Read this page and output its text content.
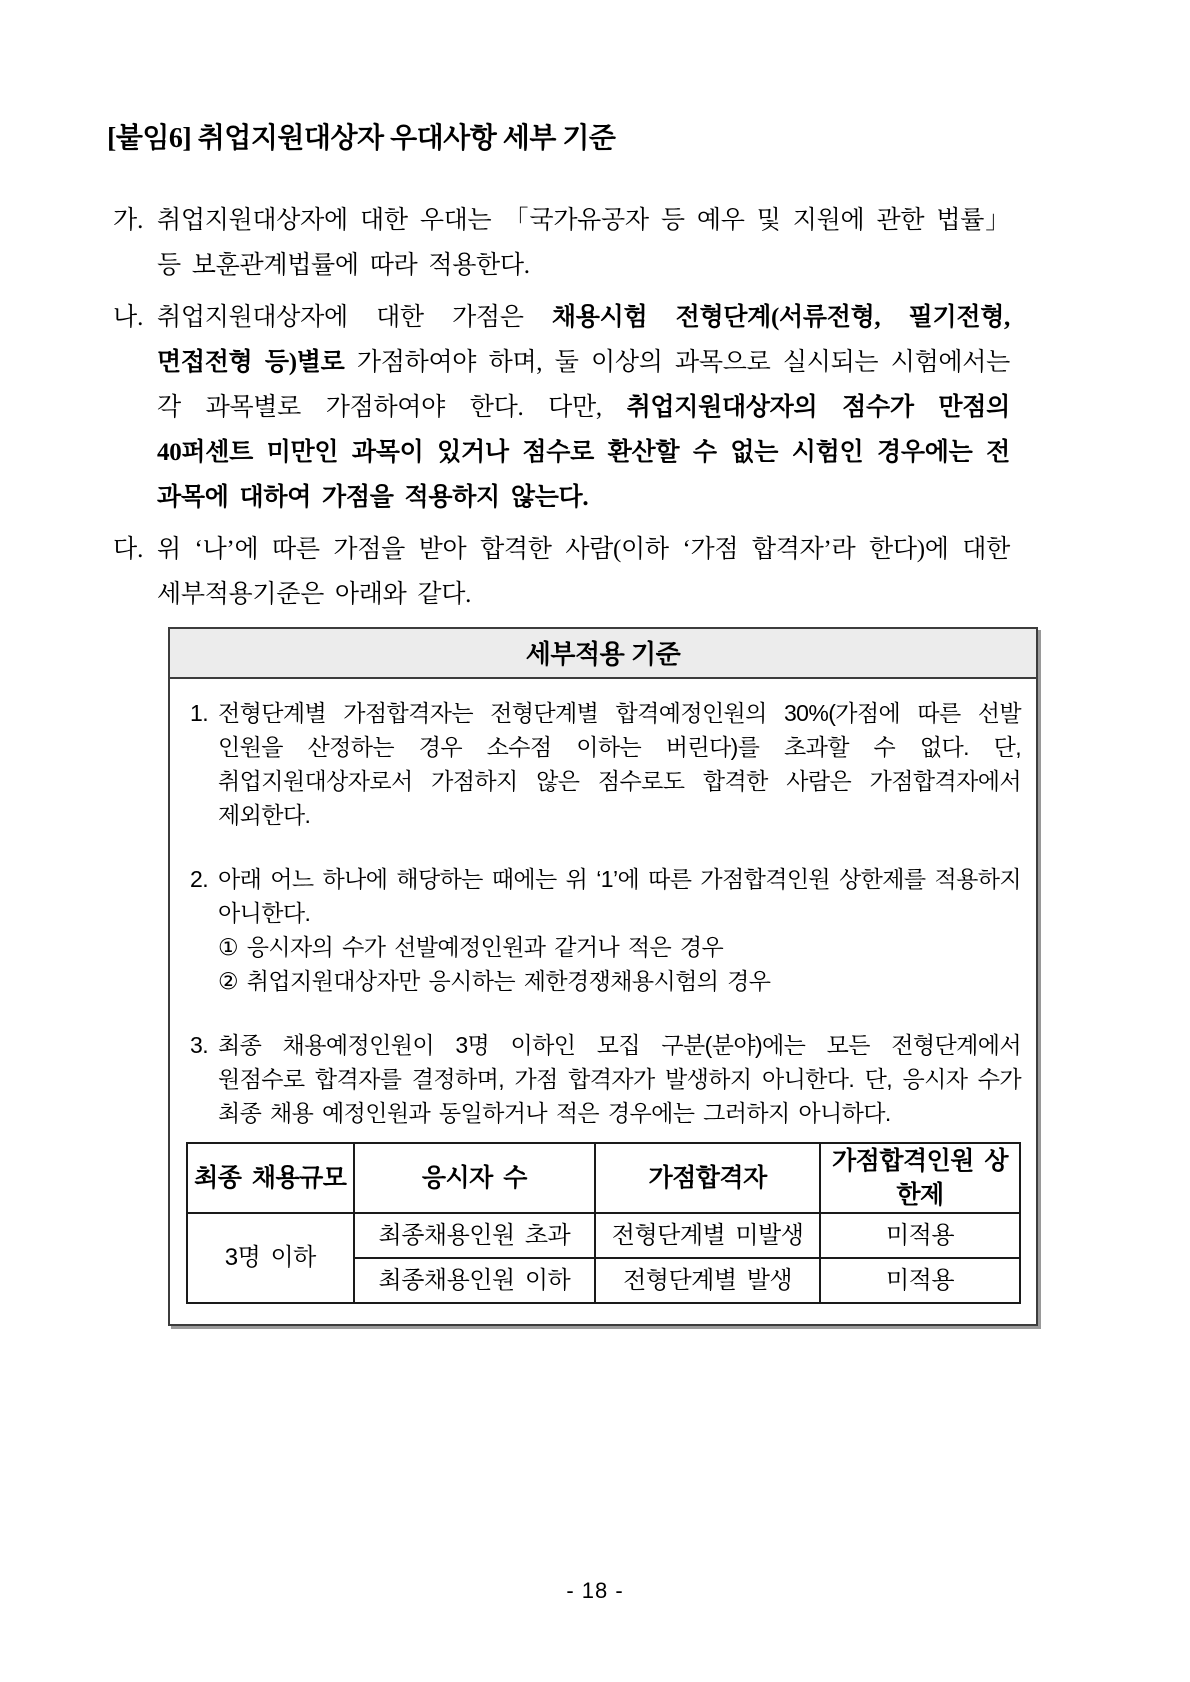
[붙임6] 취업지원대상자 우대사항 세부 기준
가. 취업지원대상자에 대한 우대는 「국가유공자 등 예우 및 지원에 관한 법률」 등 보훈관계법률에 따라 적용한다.
나. 취업지원대상자에 대한 가점은 채용시험 전형단계(서류전형, 필기전형, 면접전형 등)별로 가점하여야 하며, 둘 이상의 과목으로 실시되는 시험에서는 각 과목별로 가점하여야 한다. 다만, 취업지원대상자의 점수가 만점의 40퍼센트 미만인 과목이 있거나 점수로 환산할 수 없는 시험인 경우에는 전 과목에 대하여 가점을 적용하지 않는다.
다. 위 ‘나’에 따른 가점을 받아 합격한 사람(이하 ‘가점 합격자’라 한다)에 대한 세부적용기준은 아래와 같다.
세부적용 기준
1. 전형단계별 가점합격자는 전형단계별 합격예정인원의 30%(가점에 따른 선발 인원을 산정하는 경우 소수점 이하는 버린다)를 초과할 수 없다. 단, 취업지원대상자로서 가점하지 않은 점수로도 합격한 사람은 가점합격자에서 제외한다.
2. 아래 어느 하나에 해당하는 때에는 위 ‘1’에 따른 가점합격인원 상한제를 적용하지 아니한다.
① 응시자의 수가 선발예정인원과 같거나 적은 경우
② 취업지원대상자만 응시하는 제한경쟁채용시험의 경우
3. 최종 채용예정인원이 3명 이하인 모집 구분(분야)에는 모든 전형단계에서 원점수로 합격자를 결정하며, 가점 합격자가 발생하지 아니한다. 단, 응시자 수가 최종 채용 예정인원과 동일하거나 적은 경우에는 그러하지 아니하다.
최종 채용규모	응시자 수	가점합격자	가점합격인원 상한제
3명 이하	최종채용인원 초과	전형단계별 미발생	미적용
	최종채용인원 이하	전형단계별 발생	미적용
- 18 -
